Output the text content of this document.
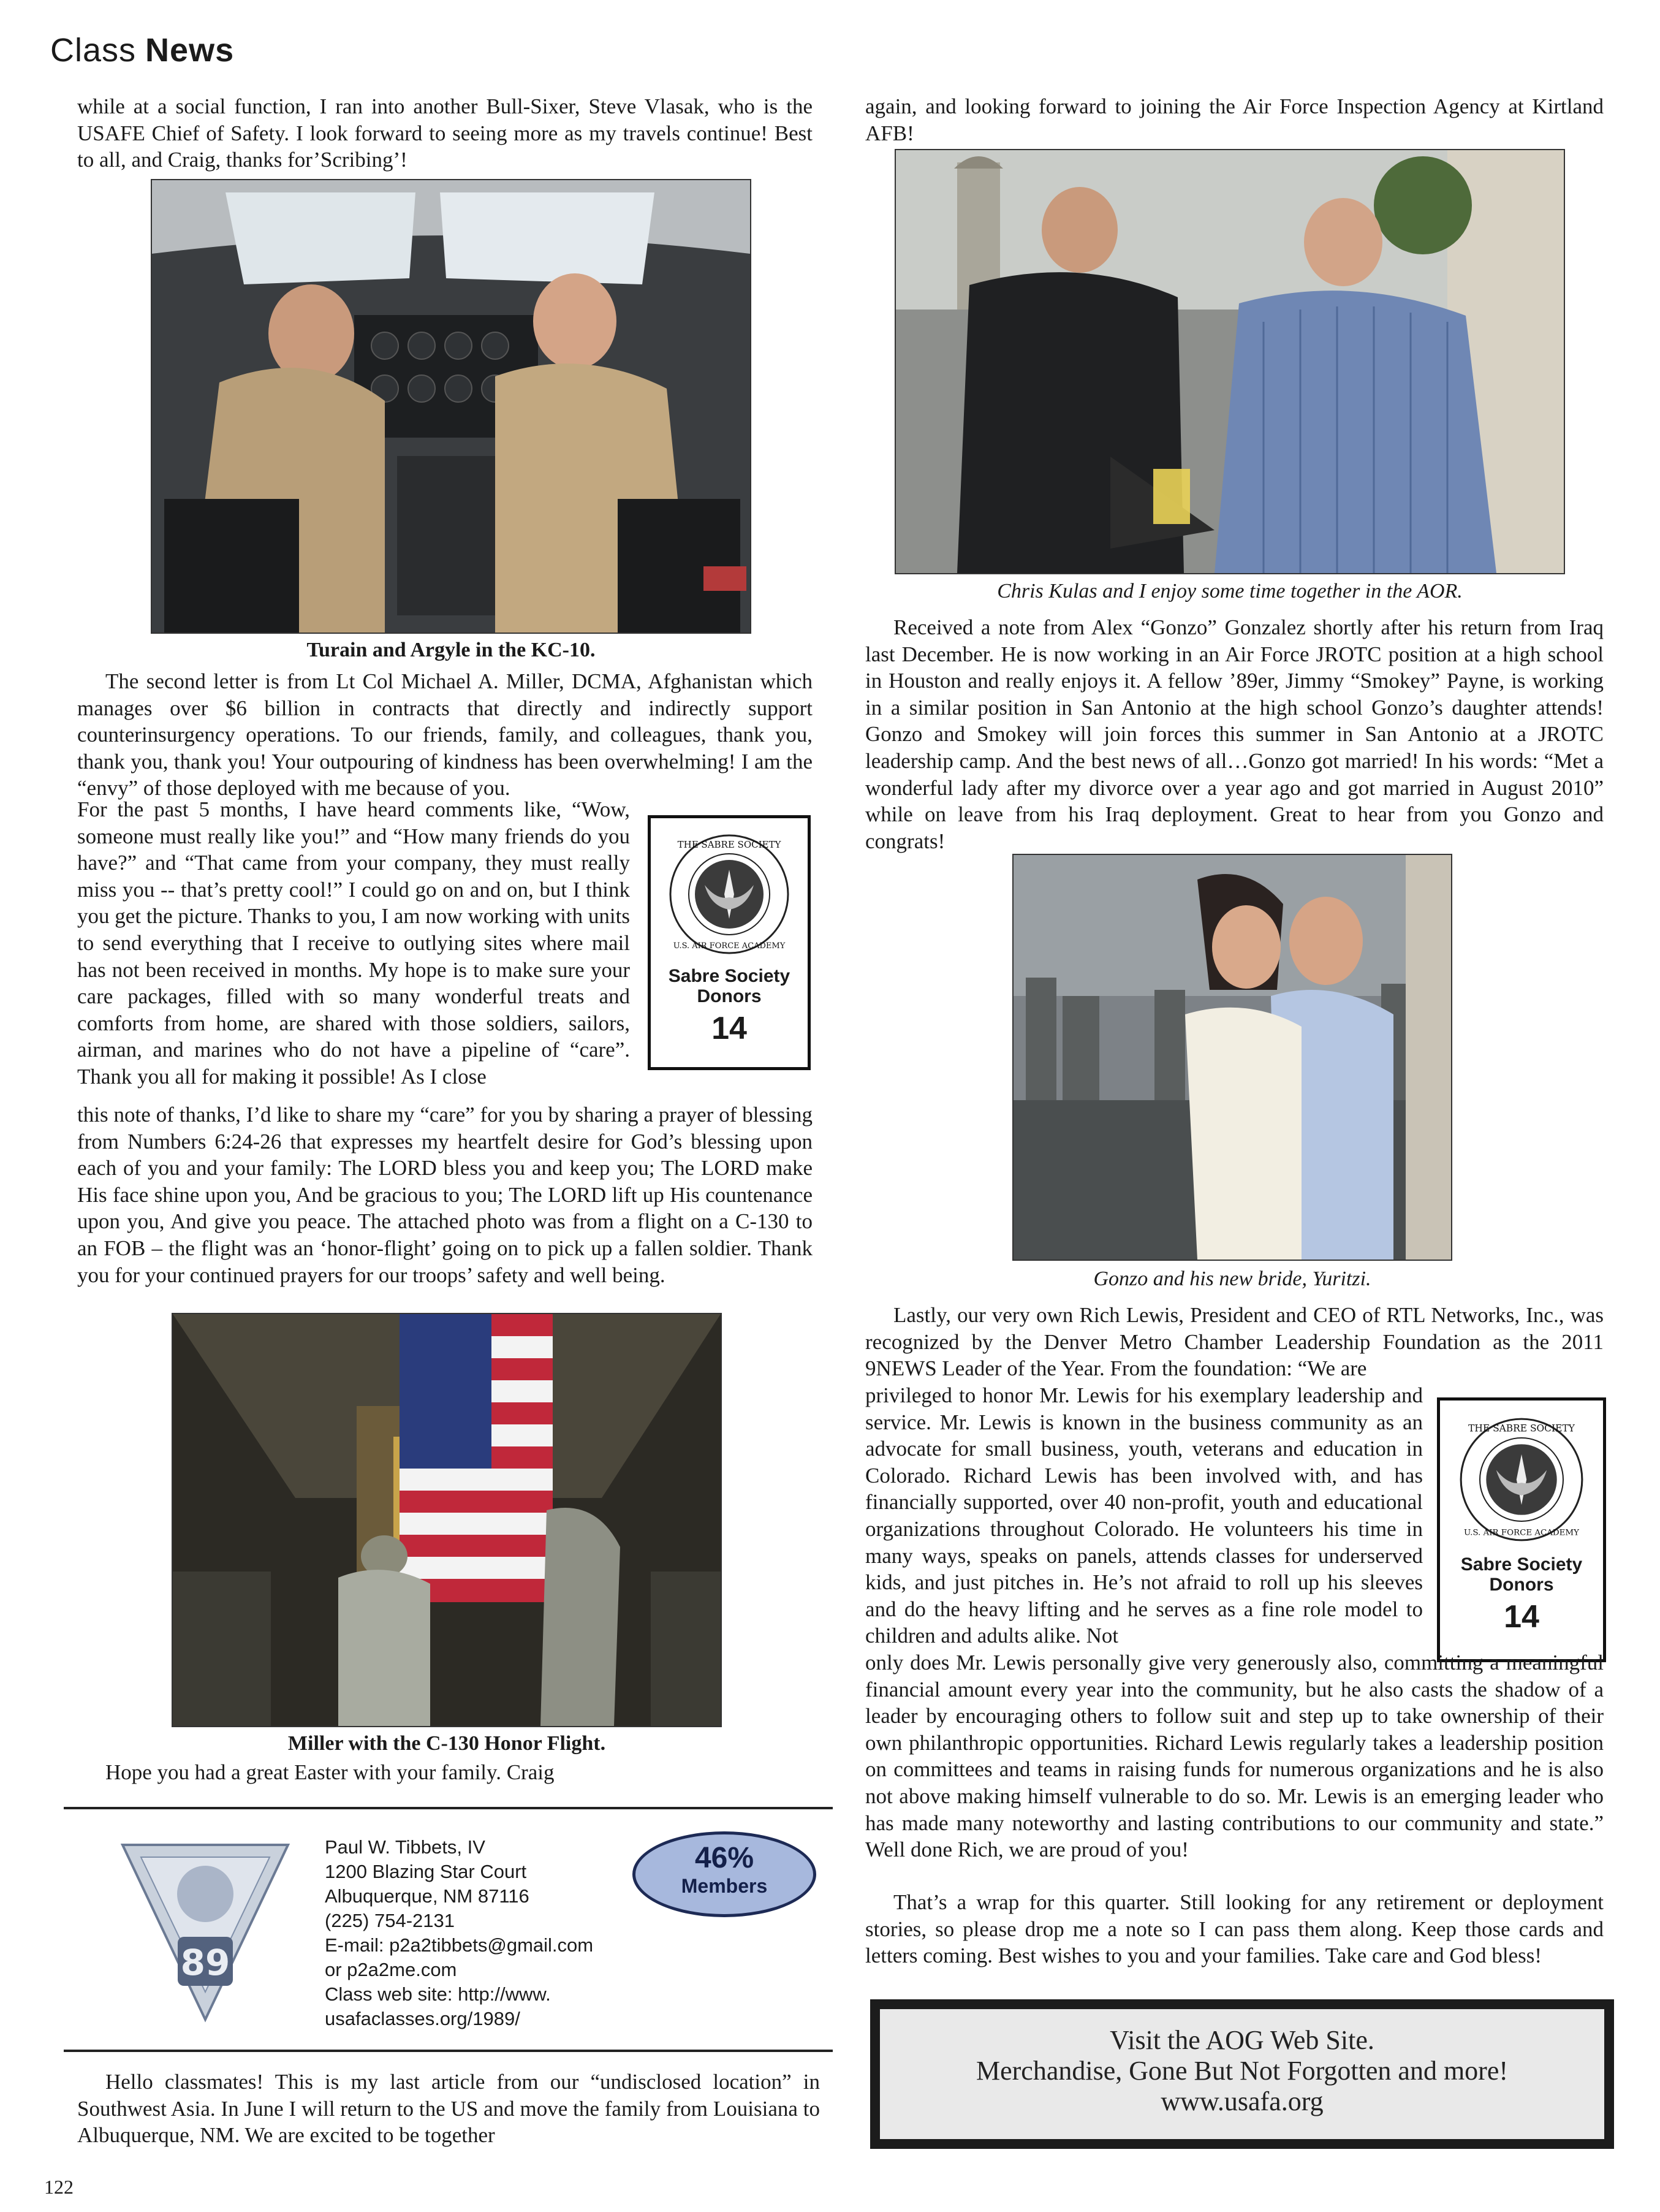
Class News

while at a social function, I ran into another Bull-Sixer, Steve Vlasak, who is the USAFE Chief of Safety. I look forward to seeing more as my travels continue! Best to all, and Craig, thanks for’Scribing’!

Turain and Argyle in the KC-10.

The second letter is from Lt Col Michael A. Miller, DCMA, Afghanistan which manages over $6 billion in contracts that directly and indirectly support counterinsurgency operations. To our friends, family, and colleagues, thank you, thank you, thank you! Your outpouring of kindness has been overwhelming! I am the “envy” of those deployed with me because of you.

For the past 5 months, I have heard comments like, “Wow, someone must really like you!” and “How many friends do you have?” and “That came from your company, they must really miss you -- that’s pretty cool!” I could go on and on, but I think you get the picture. Thanks to you, I am now working with units to send everything that I receive to outlying sites where mail has not been received in months. My hope is to make sure your care packages, filled with so many wonderful treats and comforts from home, are shared with those soldiers, sailors, airman, and marines who do not have a pipeline of “care”. Thank you all for making it possible! As I close

THE SABRE SOCIETY
U.S. AIR FORCE ACADEMY
Sabre Society
Donors
14

this note of thanks, I’d like to share my “care” for you by sharing a prayer of blessing from Numbers 6:24-26 that expresses my heartfelt desire for God’s blessing upon each of you and your family: The LORD bless you and keep you; The LORD make His face shine upon you, And be gracious to you; The LORD lift up His countenance upon you, And give you peace. The attached photo was from a flight on a C-130 to an FOB – the flight was an ‘honor-flight’ going on to pick up a fallen soldier. Thank you for your continued prayers for our troops’ safety and well being.

Miller with the C-130 Honor Flight.

Hope you had a great Easter with your family. Craig

89
Paul W. Tibbets, IV
1200 Blazing Star Court
Albuquerque, NM 87116
(225) 754-2131
E-mail: p2a2tibbets@gmail.com
or p2a2me.com
Class web site: http://www.
usafaclasses.org/1989/
46%
Members

Hello classmates! This is my last article from our “undisclosed location” in Southwest Asia. In June I will return to the US and move the family from Louisiana to Albuquerque, NM. We are excited to be together

122

again, and looking forward to joining the Air Force Inspection Agency at Kirtland AFB!

Chris Kulas and I enjoy some time together in the AOR.

Received a note from Alex “Gonzo” Gonzalez shortly after his return from Iraq last December. He is now working in an Air Force JROTC position at a high school in Houston and really enjoys it. A fellow ’89er, Jimmy “Smokey” Payne, is working in a similar position in San Antonio at the high school Gonzo’s daughter attends! Gonzo and Smokey will join forces this summer in San Antonio at a JROTC leadership camp. And the best news of all…Gonzo got married! In his words: “Met a wonderful lady after my divorce over a year ago and got married in August 2010” while on leave from his Iraq deployment. Great to hear from you Gonzo and congrats!

Gonzo and his new bride, Yuritzi.

Lastly, our very own Rich Lewis, President and CEO of RTL Networks, Inc., was recognized by the Denver Metro Chamber Leadership Foundation as the 2011 9NEWS Leader of the Year. From the foundation: “We are

privileged to honor Mr. Lewis for his exemplary leadership and service. Mr. Lewis is known in the business community as an advocate for small business, youth, veterans and education in Colorado. Richard Lewis has been involved with, and has financially supported, over 40 non-profit, youth and educational organizations throughout Colorado. He volunteers his time in many ways, speaks on panels, attends classes for underserved kids, and just pitches in. He’s not afraid to roll up his sleeves and do the heavy lifting and he serves as a fine role model to children and adults alike. Not

THE SABRE SOCIETY
U.S. AIR FORCE ACADEMY
Sabre Society
Donors
14

only does Mr. Lewis personally give very generously also, committing a meaningful financial amount every year into the community, but he also casts the shadow of a leader by encouraging others to follow suit and step up to take ownership of their own philanthropic opportunities. Richard Lewis regularly takes a leadership position on committees and teams in raising funds for numerous organizations and he is also not above making himself vulnerable to do so. Mr. Lewis is an emerging leader who has made many noteworthy and lasting contributions to our community and state.” Well done Rich, we are proud of you!

That’s a wrap for this quarter. Still looking for any retirement or deployment stories, so please drop me a note so I can pass them along. Keep those cards and letters coming. Best wishes to you and your families. Take care and God bless!

Visit the AOG Web Site.
Merchandise, Gone But Not Forgotten and more!
www.usafa.org
